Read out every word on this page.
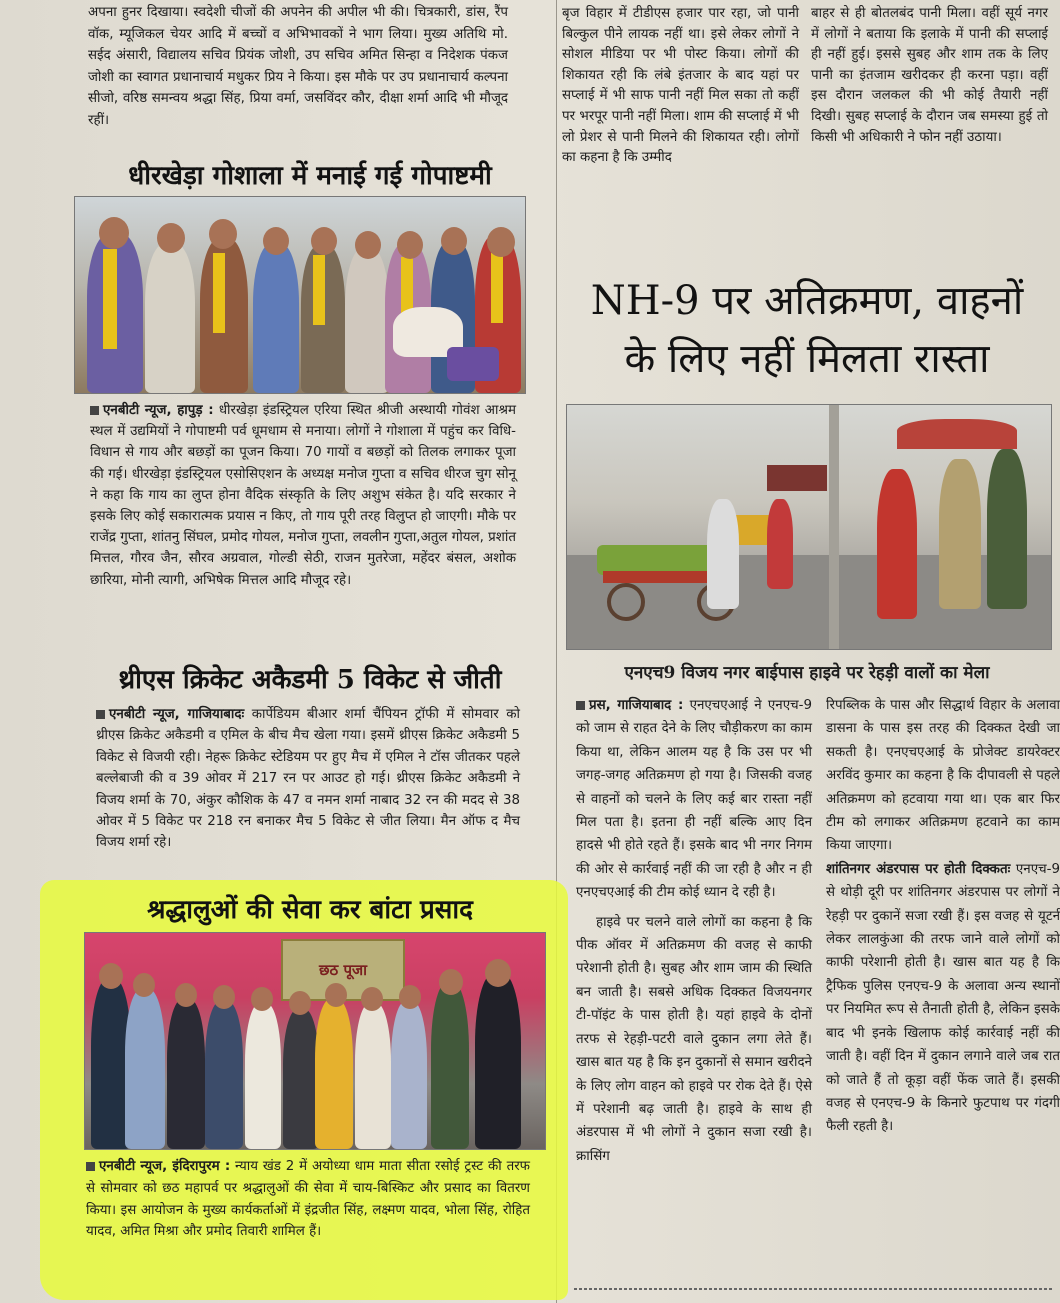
अपना हुनर दिखाया। स्वदेशी चीजों की अपनेन की अपील भी की। चित्रकारी, डांस, रैंप वॉक, म्यूजिकल चेयर आदि में बच्चों व अभिभावकों ने भाग लिया। मुख्य अतिथि मो. सईद अंसारी, विद्यालय सचिव प्रियंक जोशी, उप सचिव अमित सिन्हा व निदेशक पंकज जोशी का स्वागत प्रधानाचार्य मधुकर प्रिय ने किया। इस मौके पर उप प्रधानाचार्य कल्पना सीजो, वरिष्ठ समन्वय श्रद्धा सिंह, प्रिया वर्मा, जसविंदर कौर, दीक्षा शर्मा आदि भी मौजूद रहीं।

धीरखेड़ा गोशाला में मनाई गई गोपाष्टमी

एनबीटी न्यूज, हापुड़ : धीरखेड़ा इंडस्ट्रियल एरिया स्थित श्रीजी अस्थायी गोवंश आश्रम स्थल में उद्यमियों ने गोपाष्टमी पर्व धूमधाम से मनाया। लोगों ने गोशाला में पहुंच कर विधि-विधान से गाय और बछड़ों का पूजन किया। 70 गायों व बछड़ों को तिलक लगाकर पूजा की गई। धीरखेड़ा इंडस्ट्रियल एसोसिएशन के अध्यक्ष मनोज गुप्ता व सचिव धीरज चुग सोनू ने कहा कि गाय का लुप्त होना वैदिक संस्कृति के लिए अशुभ संकेत है। यदि सरकार ने इसके लिए कोई सकारात्मक प्रयास न किए, तो गाय पूरी तरह विलुप्त हो जाएगी। मौके पर राजेंद्र गुप्ता, शांतनु सिंघल, प्रमोद गोयल, मनोज गुप्ता, लवलीन गुप्ता,अतुल गोयल, प्रशांत मित्तल, गौरव जैन, सौरव अग्रवाल, गोल्डी सेठी, राजन मुतरेजा, महेंदर बंसल, अशोक छारिया, मोनी त्यागी, अभिषेक मित्तल आदि मौजूद रहे।

थ्रीएस क्रिकेट अकैडमी 5 विकेट से जीती

एनबीटी न्यूज, गाजियाबादः कार्पेडियम बीआर शर्मा चैंपियन ट्रॉफी में सोमवार को थ्रीएस क्रिकेट अकैडमी व एमिल के बीच मैच खेला गया। इसमें थ्रीएस क्रिकेट अकैडमी 5 विकेट से विजयी रही। नेहरू क्रिकेट स्टेडियम पर हुए मैच में एमिल ने टॉस जीतकर पहले बल्लेबाजी की व 39 ओवर में 217 रन पर आउट हो गई। थ्रीएस क्रिकेट अकैडमी ने विजय शर्मा के 70, अंकुर कौशिक के 47 व नमन शर्मा नाबाद 32 रन की मदद से 38 ओवर में 5 विकेट पर 218 रन बनाकर मैच 5 विकेट से जीत लिया। मैन ऑफ द मैच विजय शर्मा रहे।

श्रद्धालुओं की सेवा कर बांटा प्रसाद
छठ पूजा

एनबीटी न्यूज, इंदिरापुरम : न्याय खंड 2 में अयोध्या धाम माता सीता रसोई ट्रस्ट की तरफ से सोमवार को छठ महापर्व पर श्रद्धालुओं की सेवा में चाय-बिस्किट और प्रसाद का वितरण किया। इस आयोजन के मुख्य कार्यकर्ताओं में इंद्रजीत सिंह, लक्ष्मण यादव, भोला सिंह, रोहित यादव, अमित मिश्रा और प्रमोद तिवारी शामिल हैं।

बृज विहार में टीडीएस हजार पार रहा, जो पानी बिल्कुल पीने लायक नहीं था। इसे लेकर लोगों ने सोशल मीडिया पर भी पोस्ट किया। लोगों की शिकायत रही कि लंबे इंतजार के बाद यहां पर सप्लाई में भी साफ पानी नहीं मिल सका तो कहीं पर भरपूर पानी नहीं मिला। शाम की सप्लाई में भी लो प्रेशर से पानी मिलने की शिकायत रही। लोगों का कहना है कि उम्मीद

बाहर से ही बोतलबंद पानी मिला। वहीं सूर्य नगर में लोगों ने बताया कि इलाके में पानी की सप्लाई ही नहीं हुई। इससे सुबह और शाम तक के लिए पानी का इंतजाम खरीदकर ही करना पड़ा। वहीं इस दौरान जलकल की भी कोई तैयारी नहीं दिखी। सुबह सप्लाई के दौरान जब समस्या हुई तो किसी भी अधिकारी ने फोन नहीं उठाया।

NH-9 पर अतिक्रमण, वाहनों
के लिए नहीं मिलता रास्ता

एनएच9 विजय नगर बाईपास हाइवे पर रेहड़ी वालों का मेला

प्रस, गाजियाबाद : एनएचएआई ने एनएच-9 को जाम से राहत देने के लिए चौड़ीकरण का काम किया था, लेकिन आलम यह है कि उस पर भी जगह-जगह अतिक्रमण हो गया है। जिसकी वजह से वाहनों को चलने के लिए कई बार रास्ता नहीं मिल पता है। इतना ही नहीं बल्कि आए दिन हादसे भी होते रहते हैं। इसके बाद भी नगर निगम की ओर से कार्रवाई नहीं की जा रही है और न ही एनएचएआई की टीम कोई ध्यान दे रही है।

हाइवे पर चलने वाले लोगों का कहना है कि पीक ऑवर में अतिक्रमण की वजह से काफी परेशानी होती है। सुबह और शाम जाम की स्थिति बन जाती है। सबसे अधिक दिक्कत विजयनगर टी-पॉइंट के पास होती है। यहां हाइवे के दोनों तरफ से रेहड़ी-पटरी वाले दुकान लगा लेते हैं। खास बात यह है कि इन दुकानों से समान खरीदने के लिए लोग वाहन को हाइवे पर रोक देते हैं। ऐसे में परेशानी बढ़ जाती है। हाइवे के साथ ही अंडरपास में भी लोगों ने दुकान सजा रखी है। क्रासिंग

रिपब्लिक के पास और सिद्धार्थ विहार के अलावा डासना के पास इस तरह की दिक्कत देखी जा सकती है। एनएचएआई के प्रोजेक्ट डायरेक्टर अरविंद कुमार का कहना है कि दीपावली से पहले अतिक्रमण को हटवाया गया था। एक बार फिर टीम को लगाकर अतिक्रमण हटवाने का काम किया जाएगा।

शांतिनगर अंडरपास पर होती दिक्कतः एनएच-9 से थोड़ी दूरी पर शांतिनगर अंडरपास पर लोगों ने रेहड़ी पर दुकानें सजा रखी हैं। इस वजह से यूटर्न लेकर लालकुंआ की तरफ जाने वाले लोगों को काफी परेशानी होती है। खास बात यह है कि ट्रैफिक पुलिस एनएच-9 के अलावा अन्य स्थानों पर नियमित रूप से तैनाती होती है, लेकिन इसके बाद भी इनके खिलाफ कोई कार्रवाई नहीं की जाती है। वहीं दिन में दुकान लगाने वाले जब रात को जाते हैं तो कूड़ा वहीं फेंक जाते हैं। इसकी वजह से एनएच-9 के किनारे फुटपाथ पर गंदगी फैली रहती है।
